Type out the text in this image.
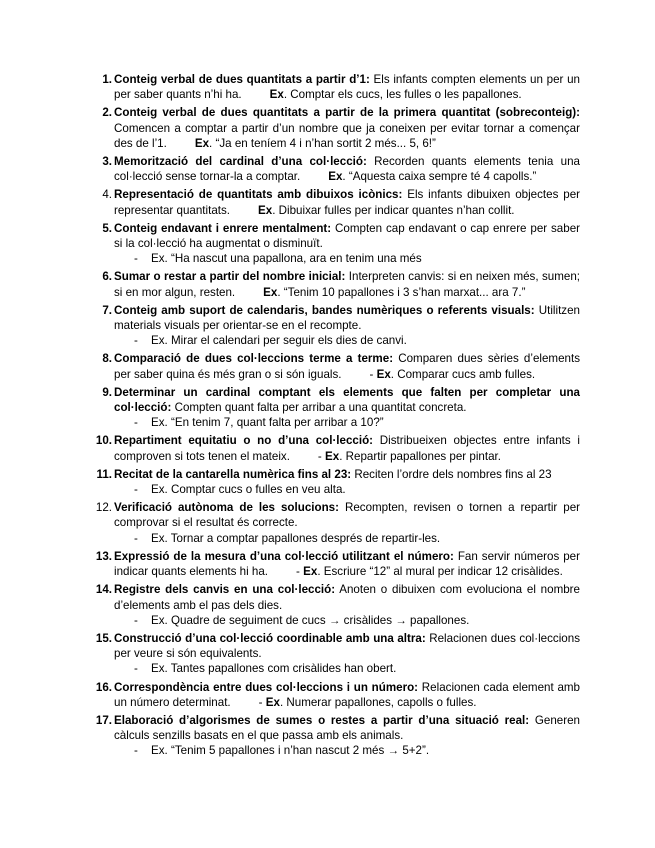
1. Conteig verbal de dues quantitats a partir d’1: Els infants compten elements un per un per saber quants n’hi ha. Ex. Comptar els cucs, les fulles o les papallones.
2. Conteig verbal de dues quantitats a partir de la primera quantitat (sobreconteig): Comencen a comptar a partir d’un nombre que ja coneixen per evitar tornar a començar des de l’1. Ex. “Ja en teníem 4 i n’han sortit 2 més... 5, 6!”
3. Memorització del cardinal d’una col·lecció: Recorden quants elements tenia una col·lecció sense tornar-la a comptar. Ex. “Aquesta caixa sempre té 4 capolls.”
4. Representació de quantitats amb dibuixos icònics: Els infants dibuixen objectes per representar quantitats. Ex. Dibuixar fulles per indicar quantes n’han collit.
5. Conteig endavant i enrere mentalment: Compten cap endavant o cap enrere per saber si la col·lecció ha augmentat o disminuït.
- Ex. “Ha nascut una papallona, ara en tenim una més
6. Sumar o restar a partir del nombre inicial: Interpreten canvis: si en neixen més, sumen; si en mor algun, resten. Ex. “Tenim 10 papallones i 3 s’han marxat... ara 7.”
7. Conteig amb suport de calendaris, bandes numèriques o referents visuals: Utilitzen materials visuals per orientar-se en el recompte.
- Ex. Mirar el calendari per seguir els dies de canvi.
8. Comparació de dues col·leccions terme a terme: Comparen dues sèries d’elements per saber quina és més gran o si són iguals. - Ex. Comparar cucs amb fulles.
9. Determinar un cardinal comptant els elements que falten per completar una col·lecció: Compten quant falta per arribar a una quantitat concreta.
- Ex. “En tenim 7, quant falta per arribar a 10?”
10. Repartiment equitatiu o no d’una col·lecció: Distribueixen objectes entre infants i comproven si tots tenen el mateix. - Ex. Repartir papallones per pintar.
11. Recitat de la cantarella numèrica fins al 23: Reciten l’ordre dels nombres fins al 23
- Ex. Comptar cucs o fulles en veu alta.
12. Verificació autònoma de les solucions: Recompten, revisen o tornen a repartir per comprovar si el resultat és correcte.
- Ex. Tornar a comptar papallones després de repartir-les.
13. Expressió de la mesura d’una col·lecció utilitzant el número: Fan servir números per indicar quants elements hi ha. - Ex. Escriure “12” al mural per indicar 12 crisàlides.
14. Registre dels canvis en una col·lecció: Anoten o dibuixen com evoluciona el nombre d’elements amb el pas dels dies.
- Ex. Quadre de seguiment de cucs → crisàlides → papallones.
15. Construcció d’una col·lecció coordinable amb una altra: Relacionen dues col·leccions per veure si són equivalents.
- Ex. Tantes papallones com crisàlides han obert.
16. Correspondència entre dues col·leccions i un número: Relacionen cada element amb un número determinat. - Ex. Numerar papallones, capolls o fulles.
17. Elaboració d’algorismes de sumes o restes a partir d’una situació real: Generen càlculs senzills basats en el que passa amb els animals.
- Ex. “Tenim 5 papallones i n’han nascut 2 més → 5+2”.
